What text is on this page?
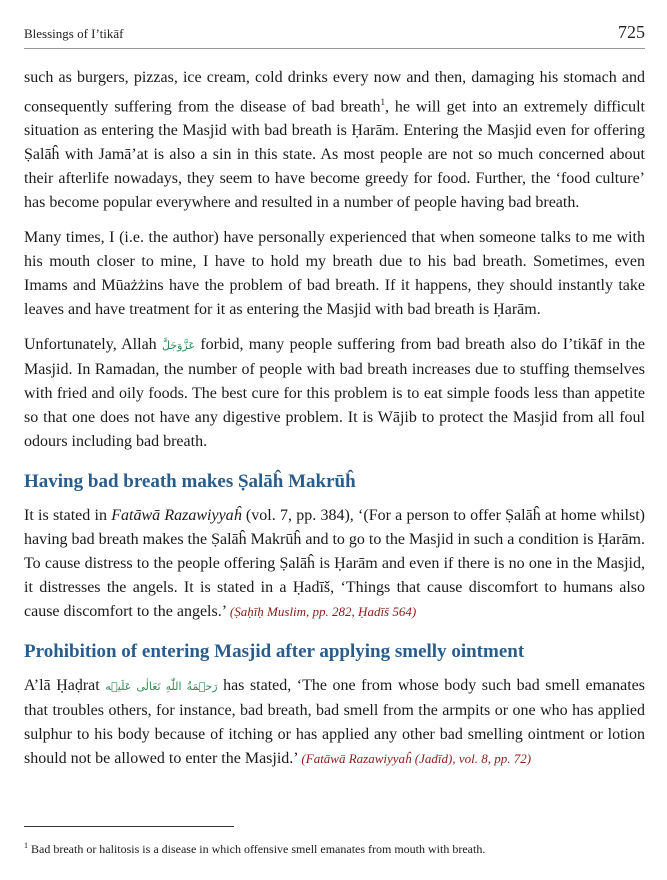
Blessings of I’tikāf	725

such as burgers, pizzas, ice cream, cold drinks every now and then, damaging his stomach and consequently suffering from the disease of bad breath$^1$, he will get into an extremely difficult situation as entering the Masjid with bad breath is Ḥarām. Entering the Masjid even for offering Ṣalāĥ with Jamā’at is also a sin in this state. As most people are not so much concerned about their afterlife nowadays, they seem to have become greedy for food. Further, the ‘food culture’ has become popular everywhere and resulted in a number of people having bad breath.

Many times, I (i.e. the author) have personally experienced that when someone talks to me with his mouth closer to mine, I have to hold my breath due to his bad breath. Sometimes, even Imams and Mūażżins have the problem of bad breath. If it happens, they should instantly take leaves and have treatment for it as entering the Masjid with bad breath is Ḥarām.

Unfortunately, Allah عَزَّوَجَلَّ forbid, many people suffering from bad breath also do I’tikāf in the Masjid. In Ramadan, the number of people with bad breath increases due to stuffing themselves with fried and oily foods. The best cure for this problem is to eat simple foods less than appetite so that one does not have any digestive problem. It is Wājib to protect the Masjid from all foul odours including bad breath.

Having bad breath makes Ṣalāĥ Makrūĥ

It is stated in Fatāwā Razawiyyaĥ (vol. 7, pp. 384), ‘(For a person to offer Ṣalāĥ at home whilst) having bad breath makes the Ṣalāĥ Makrūĥ and to go to the Masjid in such a condition is Ḥarām. To cause distress to the people offering Ṣalāĥ is Ḥarām and even if there is no one in the Masjid, it distresses the angels. It is stated in a Ḥadīš, ‘Things that cause discomfort to humans also cause discomfort to the angels.’ (Ṣaḥīḥ Muslim, pp. 282, Ḥadīš 564)

Prohibition of entering Masjid after applying smelly ointment

A’lā Ḥaḍrat رَحۡمَةُ اللّٰهِ تَعَالٰی عَلَیۡه has stated, ‘The one from whose body such bad smell emanates that troubles others, for instance, bad breath, bad smell from the armpits or one who has applied sulphur to his body because of itching or has applied any other bad smelling ointment or lotion should not be allowed to enter the Masjid.’ (Fatāwā Razawiyyaĥ (Jadīd), vol. 8, pp. 72)

$^1$ Bad breath or halitosis is a disease in which offensive smell emanates from mouth with breath.
